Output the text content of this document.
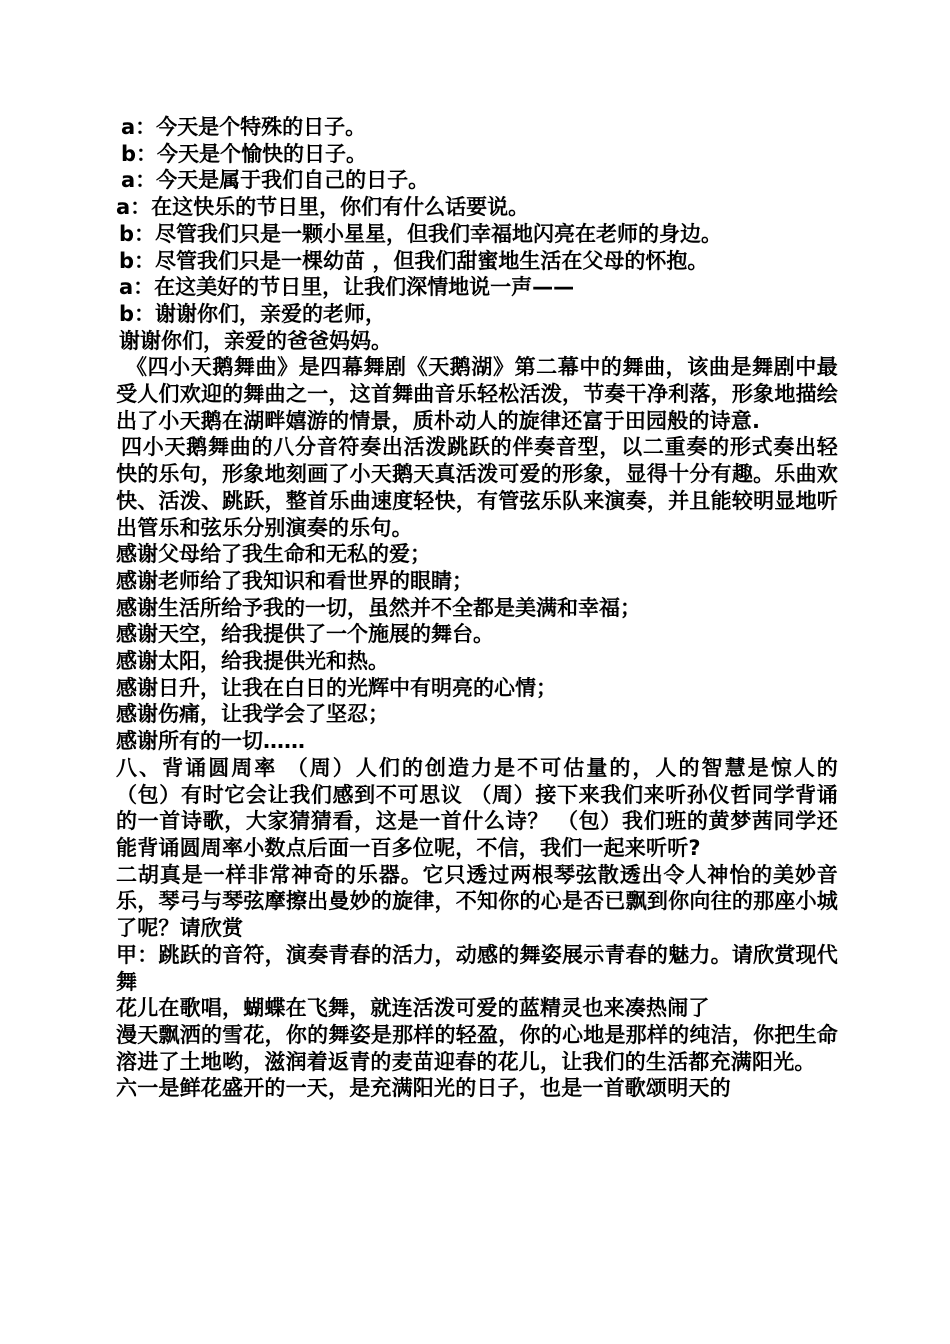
a：今天是个特殊的日子。
b：今天是个愉快的日子。
a：今天是属于我们自己的日子。
a：在这快乐的节日里，你们有什么话要说。
b：尽管我们只是一颗小星星，但我们幸福地闪亮在老师的身边。
b：尽管我们只是一棵幼苗 ，但我们甜蜜地生活在父母的怀抱。
a：在这美好的节日里，让我们深情地说一声——
b：谢谢你们，亲爱的老师，
谢谢你们，亲爱的爸爸妈妈。
《四小天鹅舞曲》是四幕舞剧《天鹅湖》第二幕中的舞曲，该曲是舞剧中最受人们欢迎的舞曲之一，这首舞曲音乐轻松活泼，节奏干净利落，形象地描绘出了小天鹅在湖畔嬉游的情景，质朴动人的旋律还富于田园般的诗意.
四小天鹅舞曲的八分音符奏出活泼跳跃的伴奏音型，以二重奏的形式奏出轻快的乐句，形象地刻画了小天鹅天真活泼可爱的形象，显得十分有趣。乐曲欢快、活泼、跳跃，整首乐曲速度轻快，有管弦乐队来演奏，并且能较明显地听出管乐和弦乐分别演奏的乐句。
感谢父母给了我生命和无私的爱；
感谢老师给了我知识和看世界的眼睛；
感谢生活所给予我的一切，虽然并不全都是美满和幸福；
感谢天空，给我提供了一个施展的舞台。
感谢太阳，给我提供光和热。
感谢日升，让我在白日的光辉中有明亮的心情；
感谢伤痛，让我学会了坚忍；
感谢所有的一切……
八、背诵圆周率 （周）人们的创造力是不可估量的，人的智慧是惊人的 （包）有时它会让我们感到不可思议 （周）接下来我们来听孙仪哲同学背诵的一首诗歌，大家猜猜看，这是一首什么诗？ （包）我们班的黄梦茜同学还能背诵圆周率小数点后面一百多位呢，不信，我们一起来听听?
二胡真是一样非常神奇的乐器。它只透过两根琴弦散透出令人神怡的美妙音乐，琴弓与琴弦摩擦出曼妙的旋律，不知你的心是否已飘到你向往的那座小城了呢？请欣赏
甲：跳跃的音符，演奏青春的活力，动感的舞姿展示青春的魅力。请欣赏现代舞
花儿在歌唱，蝴蝶在飞舞，就连活泼可爱的蓝精灵也来凑热闹了
漫天飘洒的雪花，你的舞姿是那样的轻盈，你的心地是那样的纯洁，你把生命溶进了土地哟，滋润着返青的麦苗迎春的花儿，让我们的生活都充满阳光。
六一是鲜花盛开的一天，是充满阳光的日子，也是一首歌颂明天的
